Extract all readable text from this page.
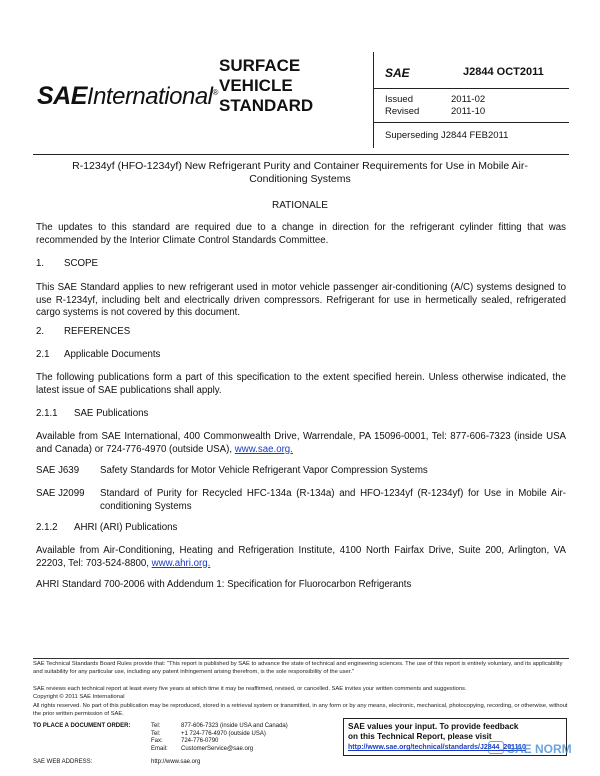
SAEInternational®
SURFACE
VEHICLE
STANDARD
SAE	J2844 OCT2011
Issued	2011-02
Revised	2011-10
Superseding J2844 FEB2011
R-1234yf (HFO-1234yf) New Refrigerant Purity and Container Requirements for Use in Mobile Air-Conditioning Systems
RATIONALE
The updates to this standard are required due to a change in direction for the refrigerant cylinder fitting that was recommended by the Interior Climate Control Standards Committee.
1. SCOPE
This SAE Standard applies to new refrigerant used in motor vehicle passenger air-conditioning (A/C) systems designed to use R-1234yf, including belt and electrically driven compressors. Refrigerant for use in hermetically sealed, refrigerated cargo systems is not covered by this document.
2. REFERENCES
2.1 Applicable Documents
The following publications form a part of this specification to the extent specified herein. Unless otherwise indicated, the latest issue of SAE publications shall apply.
2.1.1 SAE Publications
Available from SAE International, 400 Commonwealth Drive, Warrendale, PA 15096-0001, Tel: 877-606-7323 (inside USA and Canada) or 724-776-4970 (outside USA), www.sae.org.
SAE J639 Safety Standards for Motor Vehicle Refrigerant Vapor Compression Systems
SAE J2099 Standard of Purity for Recycled HFC-134a (R-134a) and HFO-1234yf (R-1234yf) for Use in Mobile Air-conditioning Systems
2.1.2 AHRI (ARI) Publications
Available from Air-Conditioning, Heating and Refrigeration Institute, 4100 North Fairfax Drive, Suite 200, Arlington, VA 22203, Tel: 703-524-8800, www.ahri.org.
AHRI Standard 700-2006 with Addendum 1: Specification for Fluorocarbon Refrigerants
SAE Technical Standards Board Rules provide that: "This report is published by SAE to advance the state of technical and engineering sciences. The use of this report is entirely voluntary, and its applicability and suitability for any particular use, including any patent infringement arising therefrom, is the sole responsibility of the user."
SAE reviews each technical report at least every five years at which time it may be reaffirmed, revised, or cancelled. SAE invites your written comments and suggestions.
Copyright © 2011 SAE International
All rights reserved. No part of this publication may be reproduced, stored in a retrieval system or transmitted, in any form or by any means, electronic, mechanical, photocopying, recording, or otherwise, without the prior written permission of SAE.
TO PLACE A DOCUMENT ORDER:	Tel:	877-606-7323 (inside USA and Canada)
Tel:	+1 724-776-4970 (outside USA)
Fax:	724-776-0790
Email: CustomerService@sae.org
SAE WEB ADDRESS:	http://www.sae.org
SAE values your input. To provide feedback
on this Technical Report, please visit
http://www.sae.org/technical/standards/J2844_201110
SAE NORM
